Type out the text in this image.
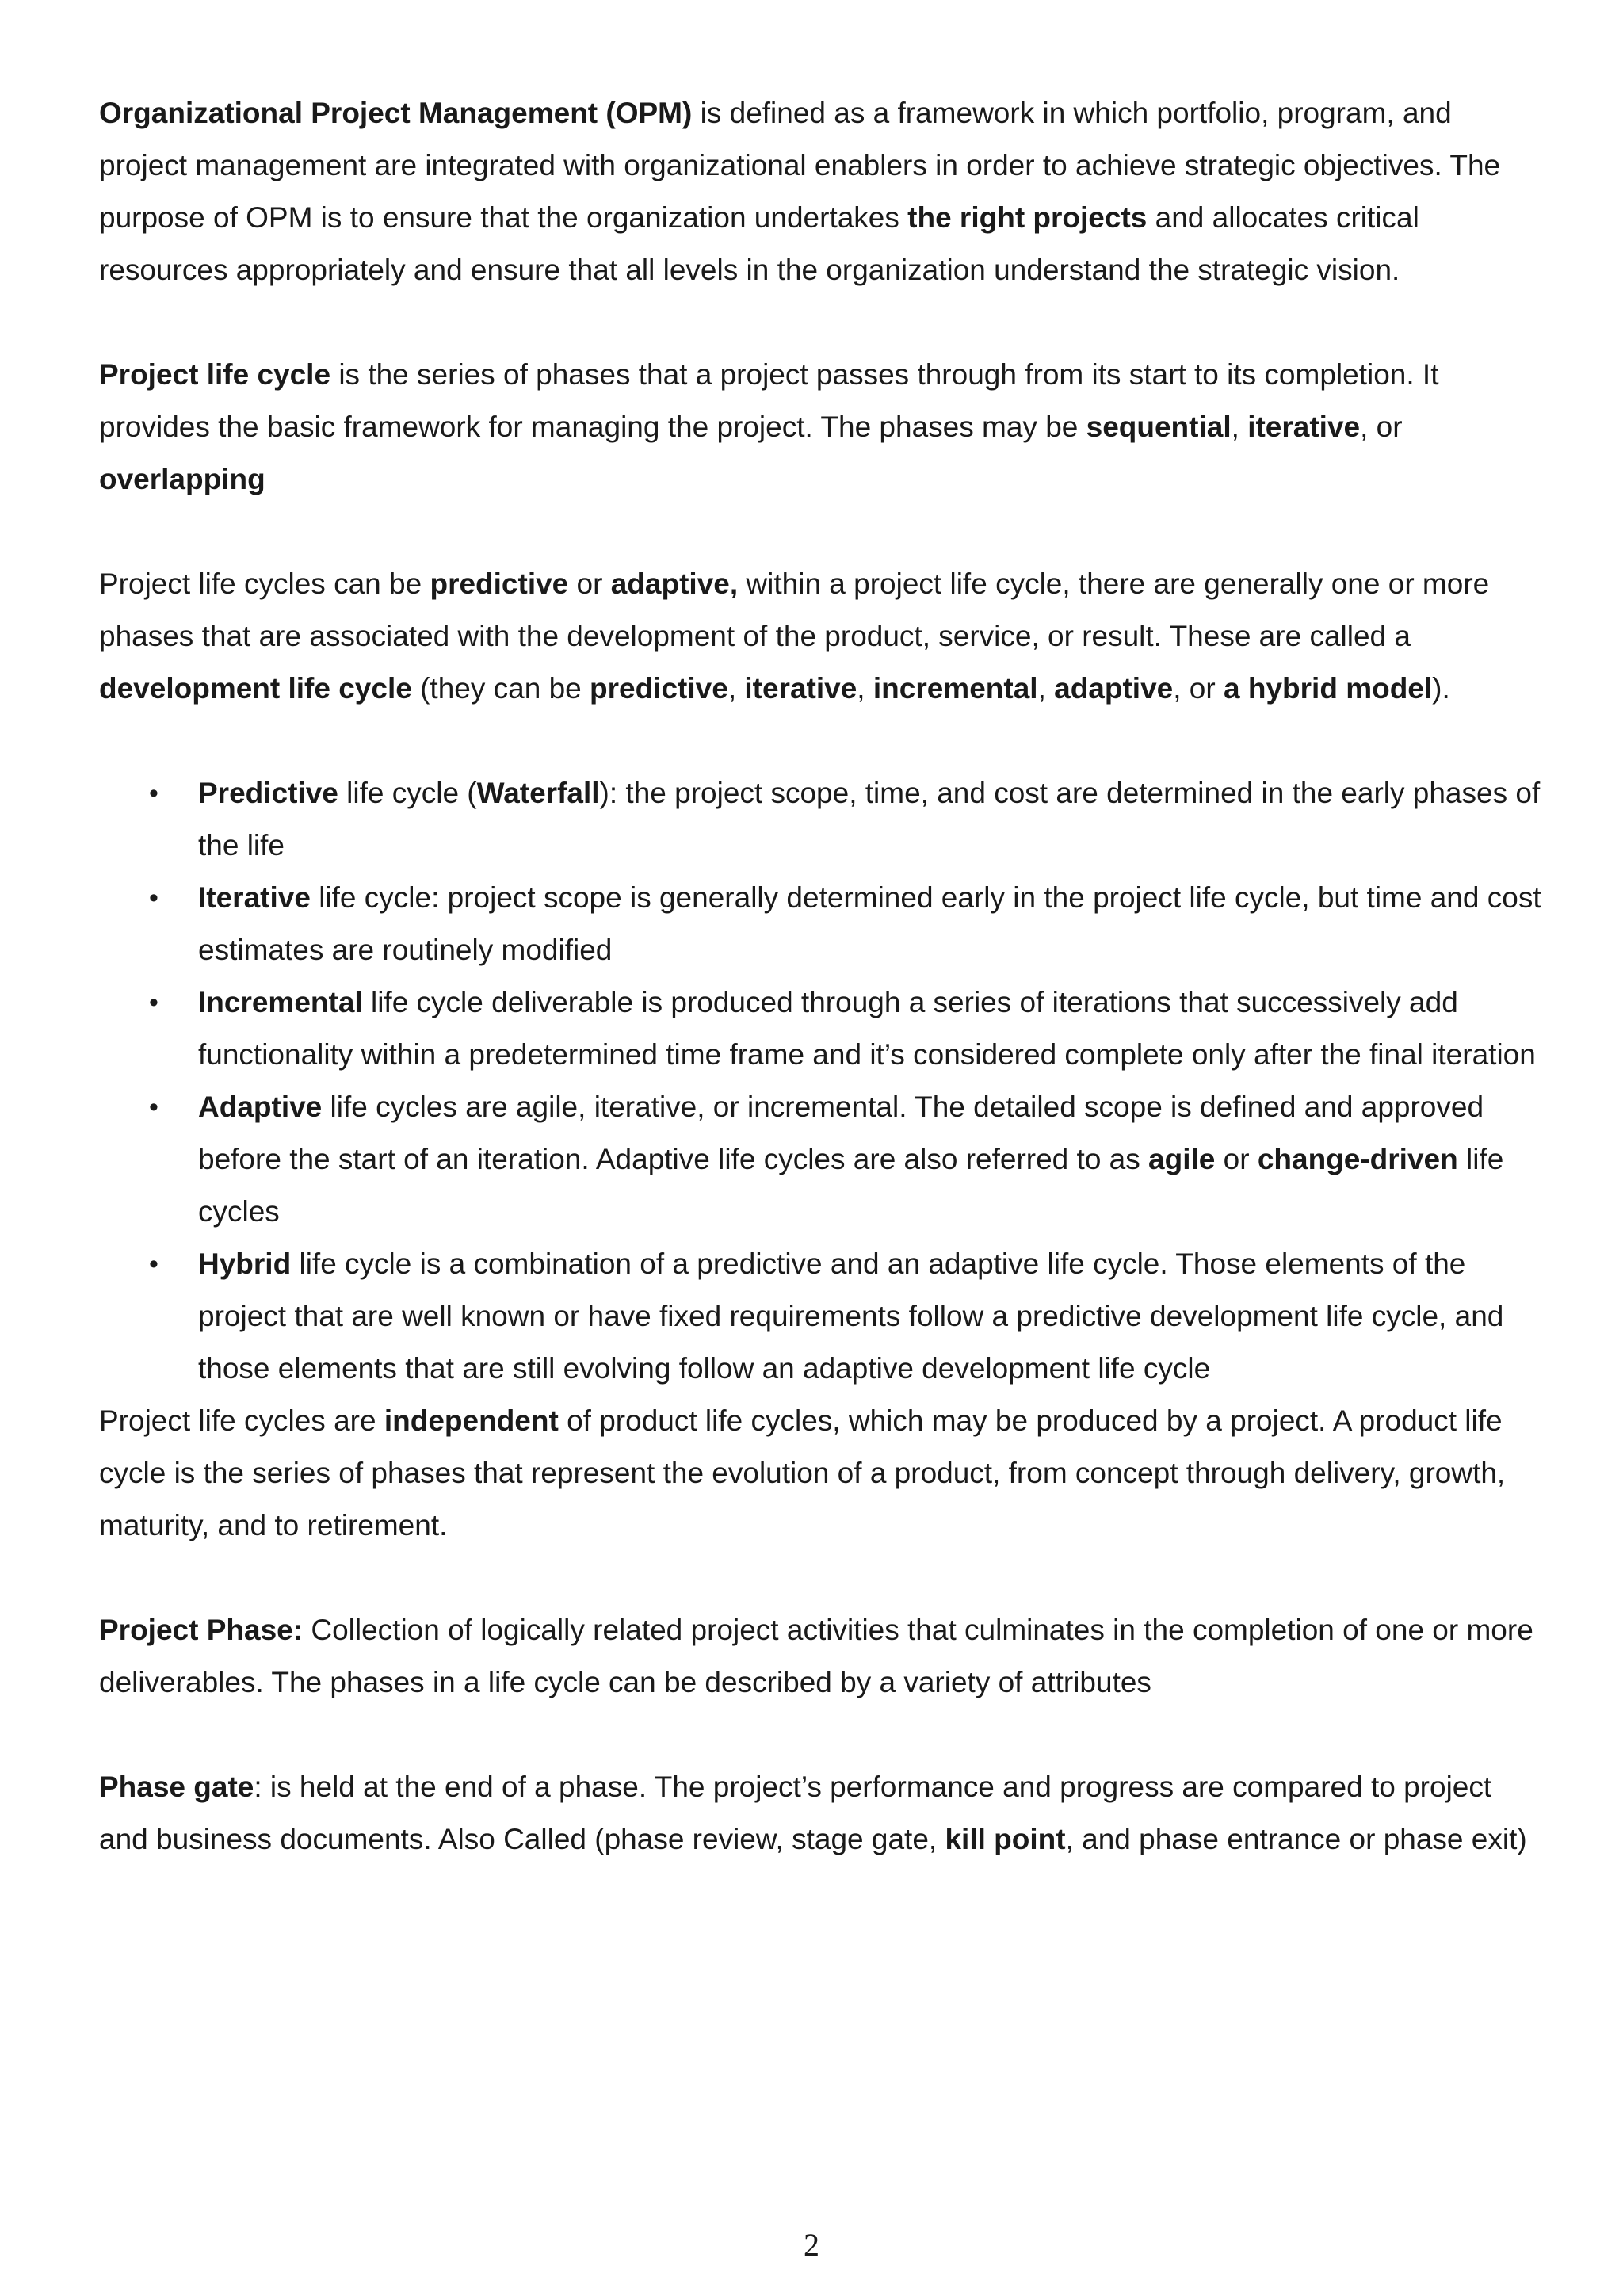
Organizational Project Management (OPM) is defined as a framework in which portfolio, program, and project management are integrated with organizational enablers in order to achieve strategic objectives. The purpose of OPM is to ensure that the organization undertakes the right projects and allocates critical resources appropriately and ensure that all levels in the organization understand the strategic vision.

Project life cycle is the series of phases that a project passes through from its start to its completion. It provides the basic framework for managing the project. The phases may be sequential, iterative, or overlapping

Project life cycles can be predictive or adaptive, within a project life cycle, there are generally one or more phases that are associated with the development of the product, service, or result. These are called a development life cycle (they can be predictive, iterative, incremental, adaptive, or a hybrid model).

• Predictive life cycle (Waterfall): the project scope, time, and cost are determined in the early phases of the life
• Iterative life cycle: project scope is generally determined early in the project life cycle, but time and cost estimates are routinely modified
• Incremental life cycle deliverable is produced through a series of iterations that successively add functionality within a predetermined time frame and it’s considered complete only after the final iteration
• Adaptive life cycles are agile, iterative, or incremental. The detailed scope is defined and approved before the start of an iteration. Adaptive life cycles are also referred to as agile or change-driven life cycles
• Hybrid life cycle is a combination of a predictive and an adaptive life cycle. Those elements of the project that are well known or have fixed requirements follow a predictive development life cycle, and those elements that are still evolving follow an adaptive development life cycle

Project life cycles are independent of product life cycles, which may be produced by a project. A product life cycle is the series of phases that represent the evolution of a product, from concept through delivery, growth, maturity, and to retirement.

Project Phase: Collection of logically related project activities that culminates in the completion of one or more deliverables. The phases in a life cycle can be described by a variety of attributes

Phase gate: is held at the end of a phase. The project’s performance and progress are compared to project and business documents. Also Called (phase review, stage gate, kill point, and phase entrance or phase exit)

2
